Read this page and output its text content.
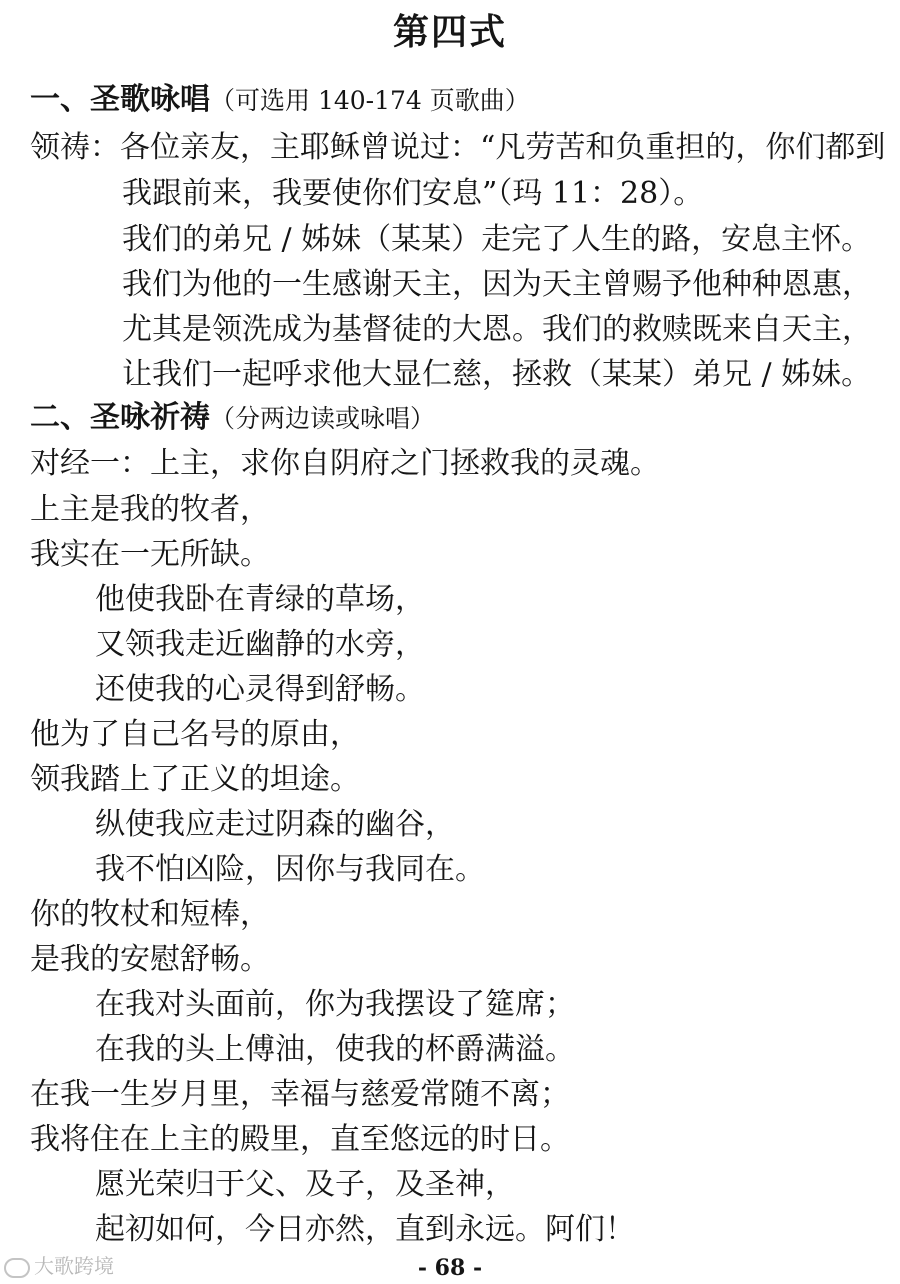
第四式
一、圣歌咏唱（可选用 140-174 页歌曲）
领祷：各位亲友，主耶稣曾说过：“凡劳苦和负重担的，你们都到
我跟前来，我要使你们安息”（玛 11：28）。
我们的弟兄 / 姊妹（某某）走完了人生的路，安息主怀。
我们为他的一生感谢天主，因为天主曾赐予他种种恩惠，
尤其是领洗成为基督徒的大恩。我们的救赎既来自天主，
让我们一起呼求他大显仁慈，拯救（某某）弟兄 / 姊妹。
二、圣咏祈祷（分两边读或咏唱）
对经一：上主，求你自阴府之门拯救我的灵魂。
上主是我的牧者，
我实在一无所缺。
他使我卧在青绿的草场，
又领我走近幽静的水旁，
还使我的心灵得到舒畅。
他为了自己名号的原由，
领我踏上了正义的坦途。
纵使我应走过阴森的幽谷，
我不怕凶险，因你与我同在。
你的牧杖和短棒，
是我的安慰舒畅。
在我对头面前，你为我摆设了筵席；
在我的头上傅油，使我的杯爵满溢。
在我一生岁月里，幸福与慈爱常随不离；
我将住在上主的殿里，直至悠远的时日。
愿光荣归于父、及子，及圣神，
起初如何，今日亦然，直到永远。阿们！
- 68 -
大歌跨境
